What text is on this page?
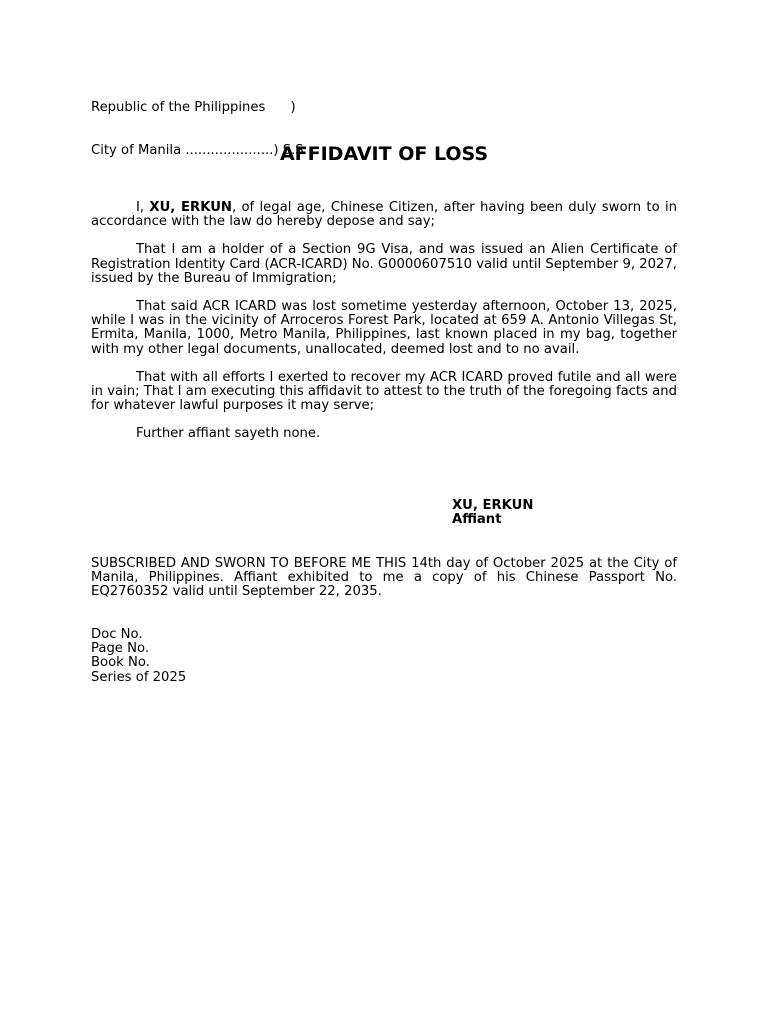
Republic of the Philippines      )

City of Manila .....................) S.S

AFFIDAVIT OF LOSS

I, XU, ERKUN, of legal age, Chinese Citizen, after having been duly sworn to in accordance with the law do hereby depose and say;

That I am a holder of a Section 9G Visa, and was issued an Alien Certificate of Registration Identity Card (ACR-ICARD) No. G0000607510 valid until September 9, 2027, issued by the Bureau of Immigration;

That said ACR ICARD was lost sometime yesterday afternoon, October 13, 2025, while I was in the vicinity of Arroceros Forest Park, located at 659 A. Antonio Villegas St, Ermita, Manila, 1000, Metro Manila, Philippines, last known placed in my bag, together with my other legal documents, unallocated, deemed lost and to no avail.

That with all efforts I exerted to recover my ACR ICARD proved futile and all were in vain; That I am executing this affidavit to attest to the truth of the foregoing facts and for whatever lawful purposes it may serve;

Further affiant sayeth none.

XU, ERKUN
Affiant

SUBSCRIBED AND SWORN TO BEFORE ME THIS 14th day of October 2025 at the City of Manila, Philippines. Affiant exhibited to me a copy of his Chinese Passport No. EQ2760352 valid until September 22, 2035.

Doc No.
Page No.
Book No.
Series of 2025
